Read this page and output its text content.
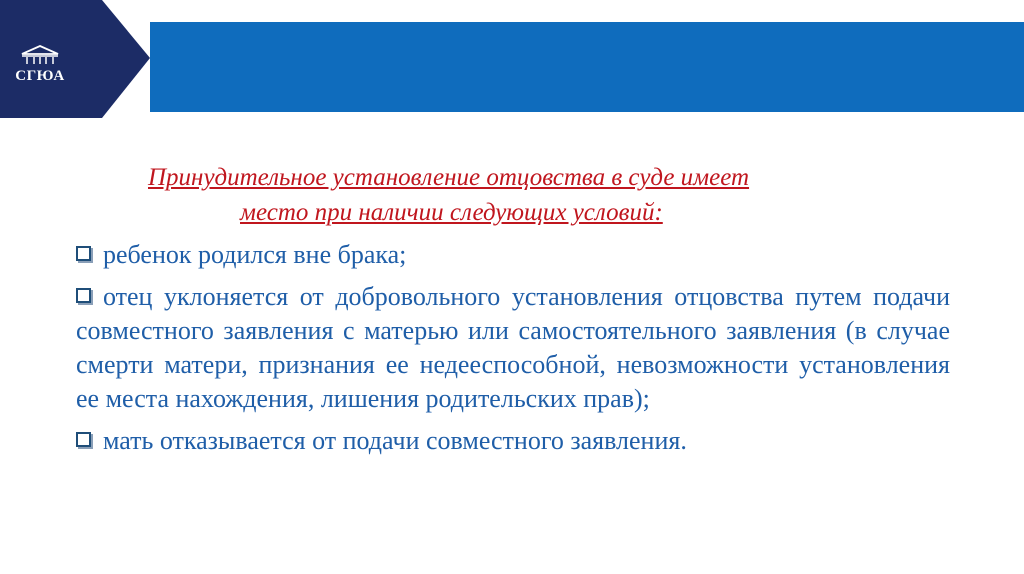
СГЮА
Принудительное установление отцовства в суде имеет
место при наличии следующих условий:
ребенок родился вне брака;
отец уклоняется от добровольного установления отцовства путем подачи совместного заявления с матерью или самостоятельного заявления (в случае смерти матери, признания ее недееспособной, невозможности установления ее места нахождения, лишения родительских прав);
мать отказывается от подачи совместного заявления.
